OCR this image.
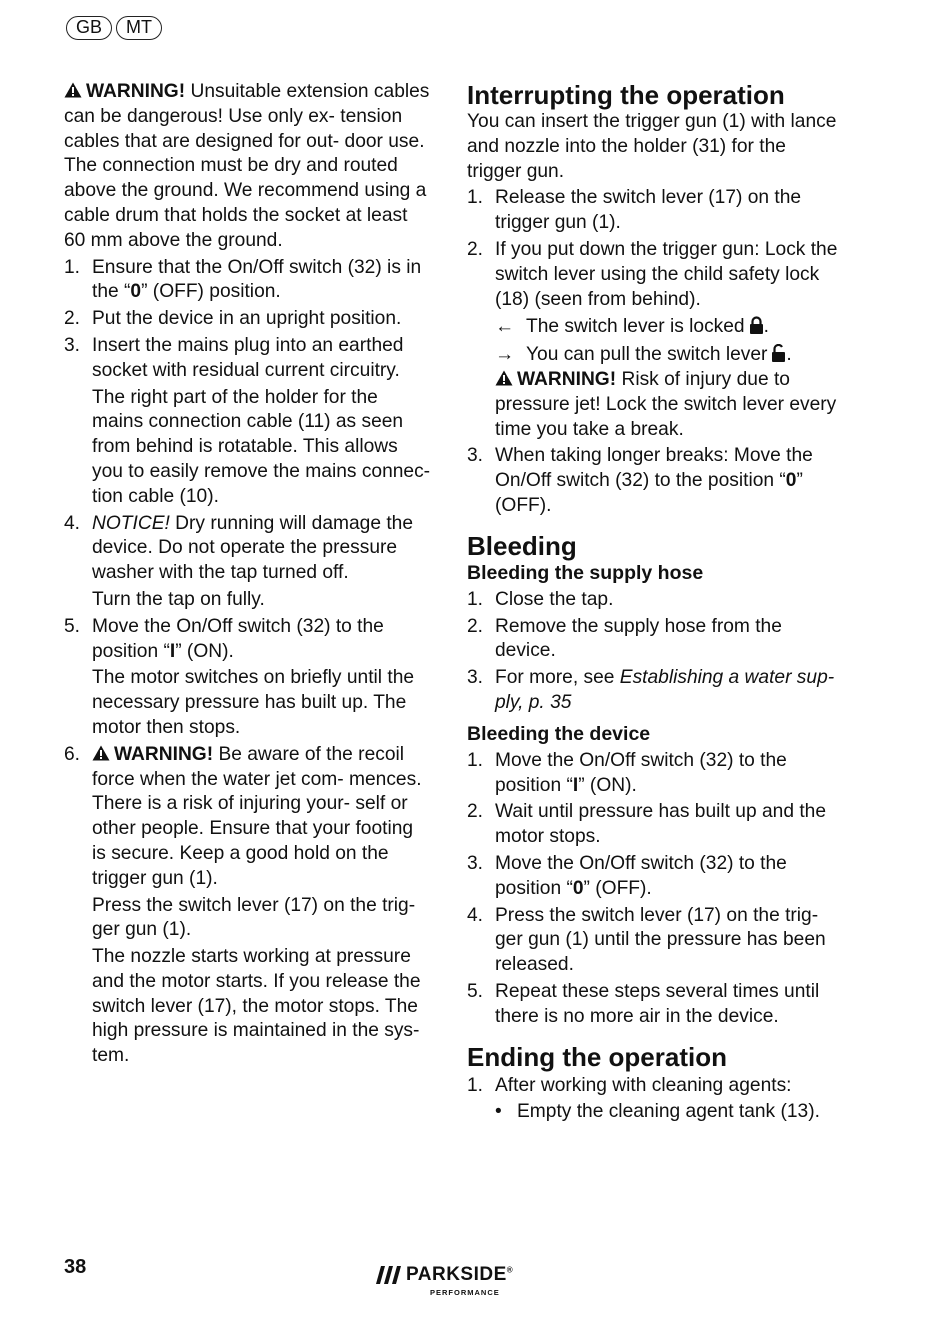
GB	MT

WARNING! Unsuitable extension cables can be dangerous! Use only ex- tension cables that are designed for out- door use. The connection must be dry and routed above the ground. We recommend using a cable drum that holds the socket at least 60 mm above the ground.

1. Ensure that the On/Off switch (32) is in the “0” (OFF) position.

2. Put the device in an upright position.

3. Insert the mains plug into an earthed socket with residual current circuitry.

The right part of the holder for the mains connection cable (11) as seen from behind is rotatable. This allows you to easily remove the mains connec- tion cable (10).

4. NOTICE! Dry running will damage the device. Do not operate the pressure washer with the tap turned off.

Turn the tap on fully.

5. Move the On/Off switch (32) to the position “I” (ON).

The motor switches on briefly until the necessary pressure has built up. The motor then stops.

6.	WARNING! Be aware of the recoil force when the water jet com- mences. There is a risk of injuring your- self or other people. Ensure that your footing is secure. Keep a good hold on the trigger gun (1).

Press the switch lever (17) on the trig- ger gun (1).

The nozzle starts working at pressure and the motor starts. If you release the switch lever (17), the motor stops. The high pressure is maintained in the sys- tem.

Interrupting the operation

You can insert the trigger gun (1) with lance and nozzle into the holder (31) for the trigger gun.

1. Release the switch lever (17) on the trigger gun (1).

2. If you put down the trigger gun: Lock the switch lever using the child safety lock (18) (seen from behind).

← The switch lever is locked .
→ You can pull the switch lever .

WARNING! Risk of injury due to pressure jet! Lock the switch lever every time you take a break.

3. When taking longer breaks: Move the On/Off switch (32) to the position “0” (OFF).

Bleeding

Bleeding the supply hose

1. Close the tap.

2. Remove the supply hose from the device.

3. For more, see Establishing a water sup- ply, p. 35

Bleeding the device

1. Move the On/Off switch (32) to the position “I” (ON).

2. Wait until pressure has built up and the motor stops.

3. Move the On/Off switch (32) to the position “0” (OFF).

4. Press the switch lever (17) on the trig- ger gun (1) until the pressure has been released.

5. Repeat these steps several times until there is no more air in the device.

Ending the operation

1. After working with cleaning agents:

• Empty the cleaning agent tank (13).
38	PARKSIDE®
PERFORMANCE
